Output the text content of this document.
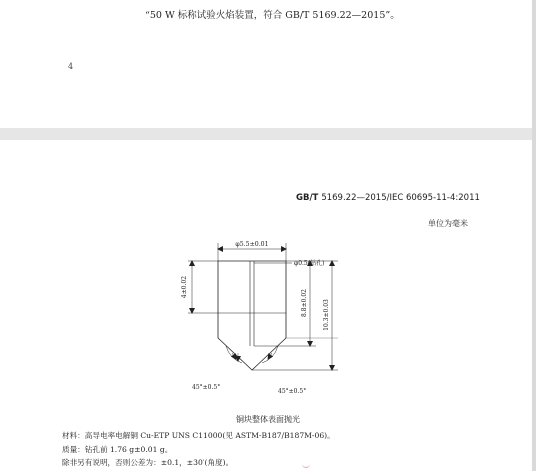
“50 W 标称试验火焰装置，符合 GB/T 5169.22—2015”。
4
GB/T 5169.22—2015/IEC 60695-11-4:2011
单位为毫米
φ5.5±0.01
φ0.5(钻孔)
4±0.02
8.8±0.02	10.3±0.03
45°±0.5°
45°±0.5°
铜块整体表面抛光
材料：高导电率电解铜 Cu-ETP UNS C11000(见 ASTM-B187/B187M-06)。
质量：钻孔前 1.76 g±0.01 g。
除非另有说明，否则公差为：±0.1，±30′(角度)。
